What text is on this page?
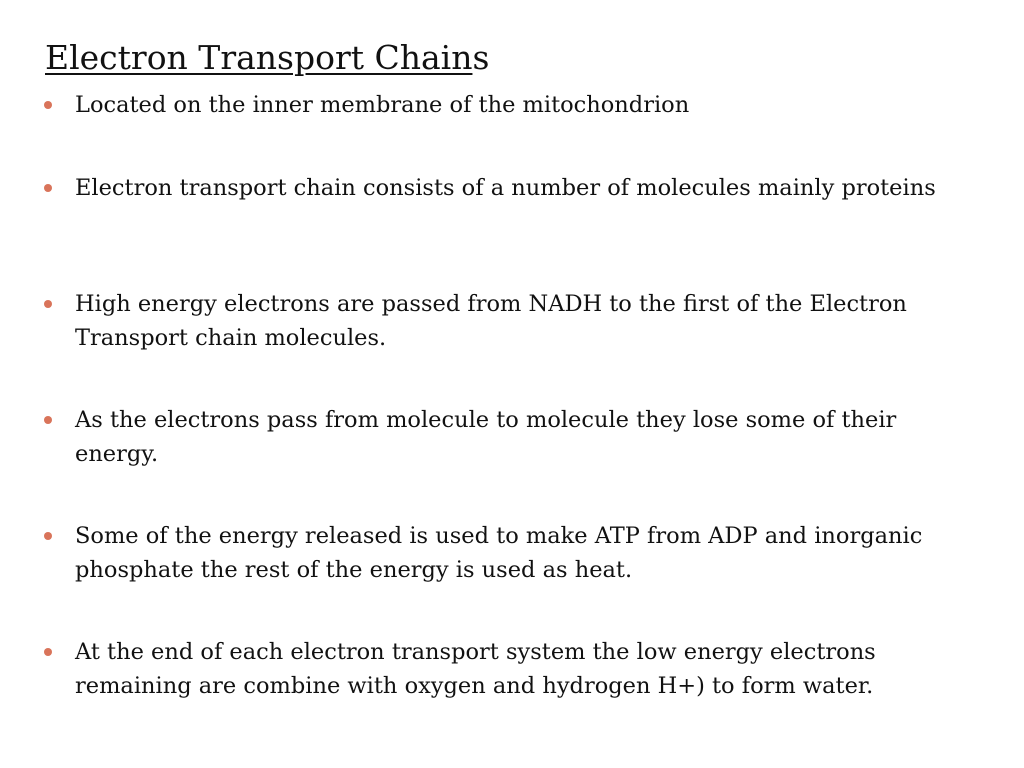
Electron Transport Chains
Located on the inner membrane of the mitochondrion
Electron transport chain consists of a number of molecules mainly proteins
High energy electrons are passed from NADH to the first of the Electron Transport chain molecules.
As the electrons pass from molecule to molecule they lose some of their energy.
Some of the energy released is used to make ATP from ADP and inorganic phosphate the rest of the energy is used as heat.
At the end of each electron transport system the low energy electrons remaining are combine with oxygen and hydrogen H+) to form water.
